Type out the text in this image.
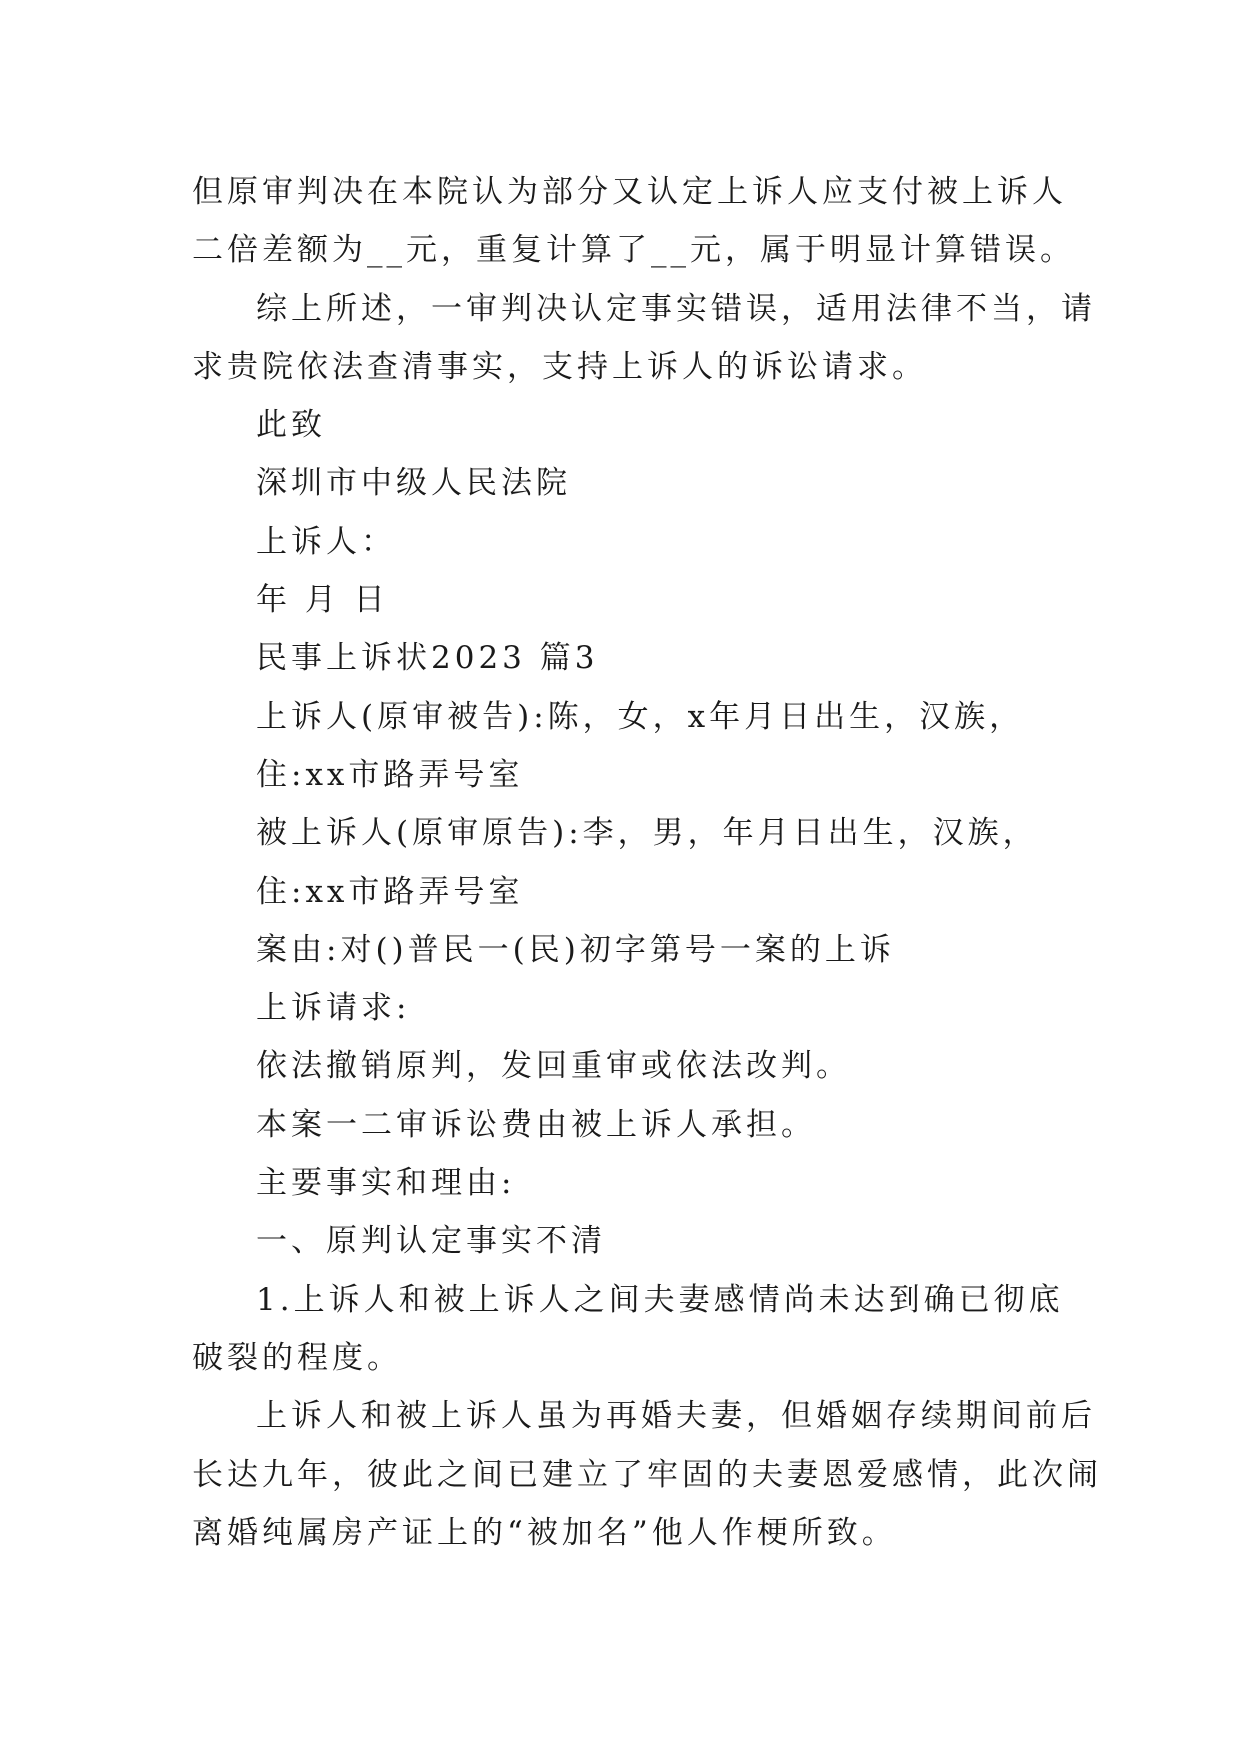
但原审判决在本院认为部分又认定上诉人应支付被上诉人

二倍差额为__元，重复计算了__元，属于明显计算错误。

综上所述，一审判决认定事实错误，适用法律不当，请

求贵院依法查清事实，支持上诉人的诉讼请求。

此致

深圳市中级人民法院

上诉人：

年 月 日

民事上诉状2023 篇3

上诉人(原审被告):陈，女，x年月日出生，汉族，

住:xx市路弄号室

被上诉人(原审原告):李，男，年月日出生，汉族，

住:xx市路弄号室

案由:对()普民一(民)初字第号一案的上诉

上诉请求:

依法撤销原判，发回重审或依法改判。

本案一二审诉讼费由被上诉人承担。

主要事实和理由:

一、原判认定事实不清

1.上诉人和被上诉人之间夫妻感情尚未达到确已彻底

破裂的程度。

上诉人和被上诉人虽为再婚夫妻，但婚姻存续期间前后

长达九年，彼此之间已建立了牢固的夫妻恩爱感情，此次闹

离婚纯属房产证上的“被加名”他人作梗所致。
